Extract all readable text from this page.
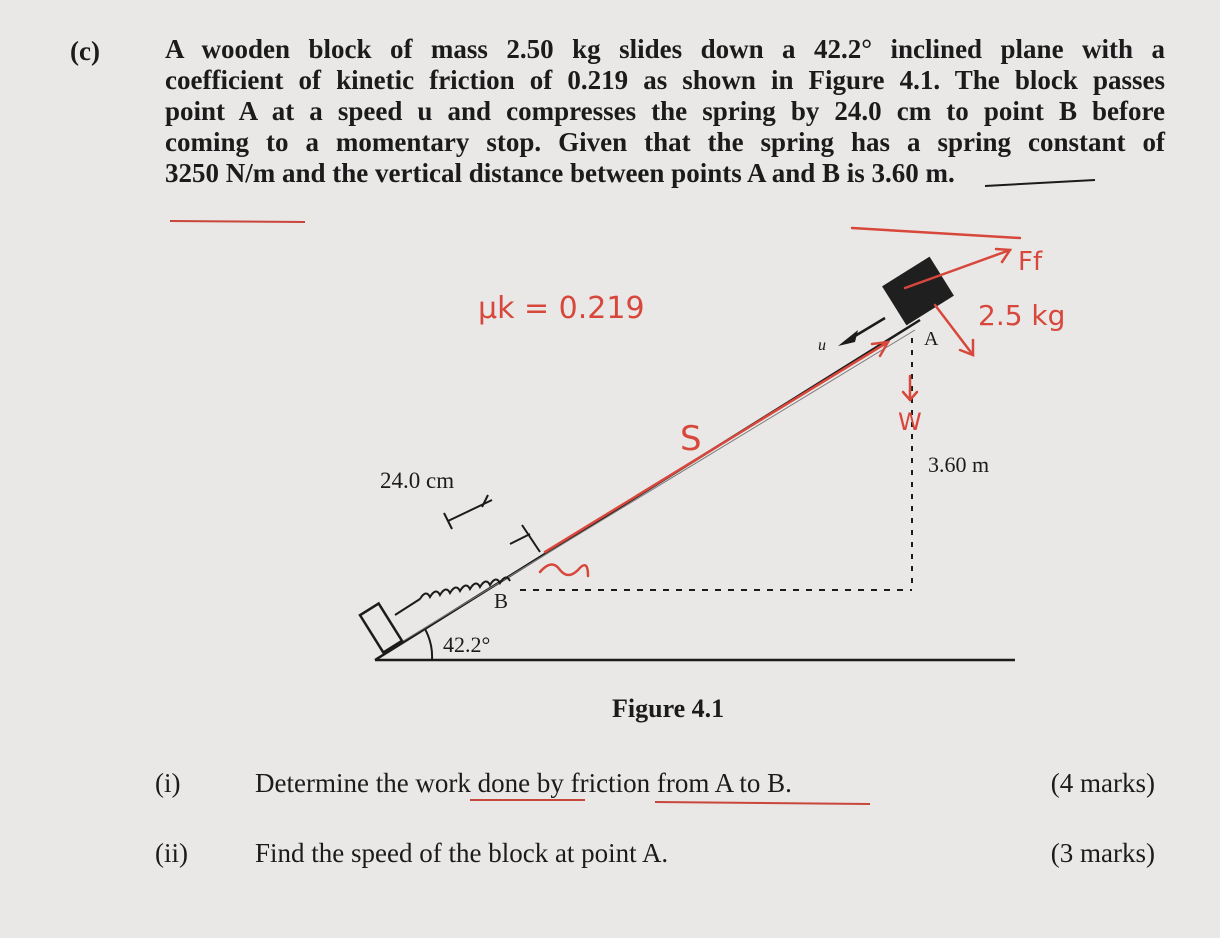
(c) A wooden block of mass 2.50 kg slides down a 42.2° inclined plane with a
coefficient of kinetic friction of 0.219 as shown in Figure 4.1. The block passes
point A at a speed u and compresses the spring by 24.0 cm to point B before
coming to a momentary stop. Given that the spring has a spring constant of
3250 N/m and the vertical distance between points A and B is 3.60 m.
u	A
3.60 m
24.0 cm
B
42.2°
μk = 0.219	2.5 kg
Ff
W
S
Figure 4.1
(i)	Determine the work done by friction from A to B.	(4 marks)
(ii) Find the speed of the block at point A.	(3 marks)
